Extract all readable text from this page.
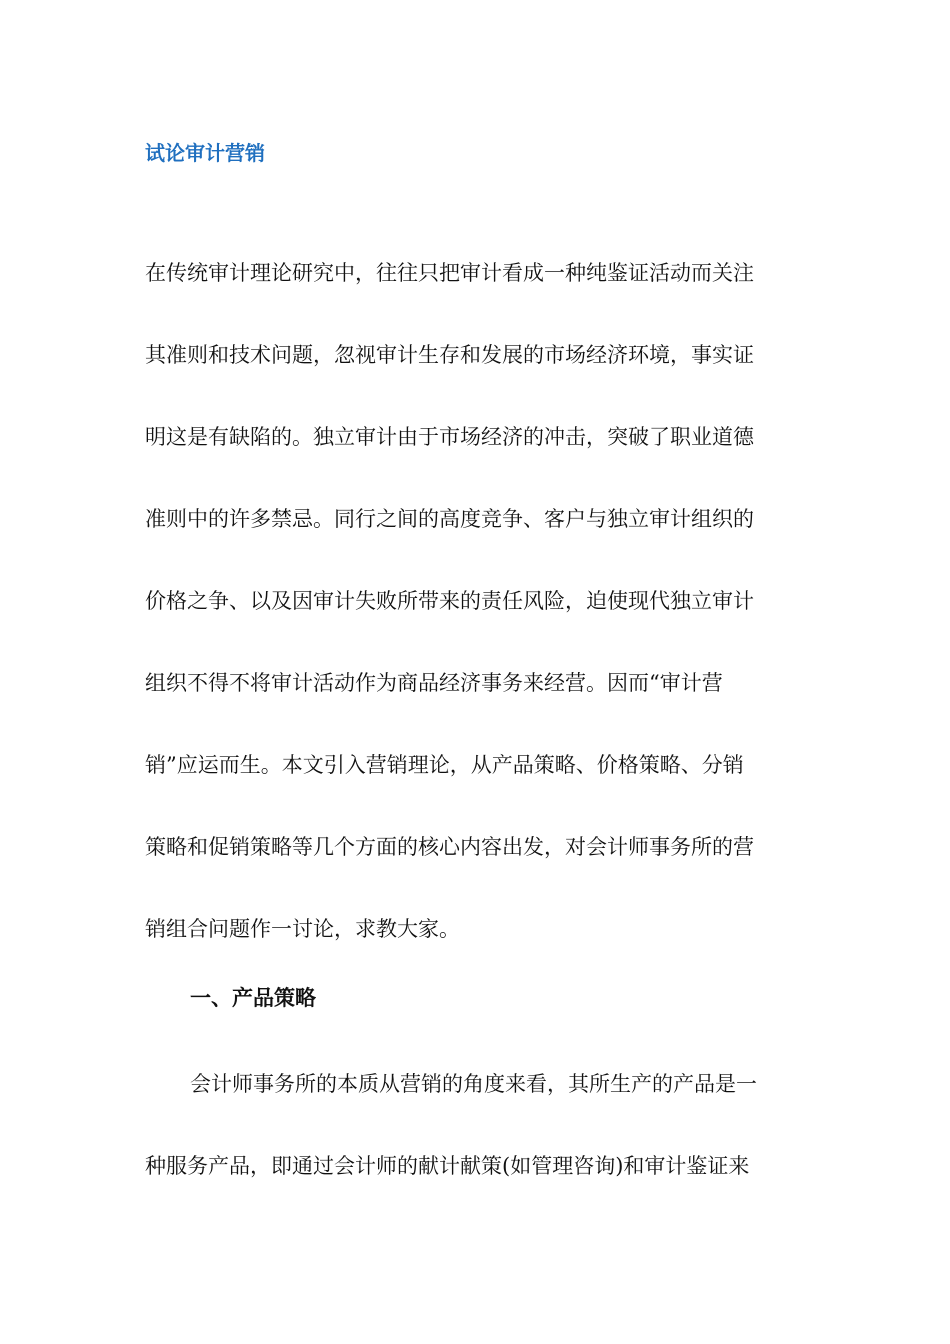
试论审计营销
在传统审计理论研究中，往往只把审计看成一种纯鉴证活动而关注
其准则和技术问题，忽视审计生存和发展的市场经济环境，事实证
明这是有缺陷的。独立审计由于市场经济的冲击，突破了职业道德
准则中的许多禁忌。同行之间的高度竞争、客户与独立审计组织的
价格之争、以及因审计失败所带来的责任风险，迫使现代独立审计
组织不得不将审计活动作为商品经济事务来经营。因而“审计营
销”应运而生。本文引入营销理论，从产品策略、价格策略、分销
策略和促销策略等几个方面的核心内容出发，对会计师事务所的营
销组合问题作一讨论，求教大家。
一、产品策略
会计师事务所的本质从营销的角度来看，其所生产的产品是一
种服务产品，即通过会计师的献计献策(如管理咨询)和审计鉴证来
